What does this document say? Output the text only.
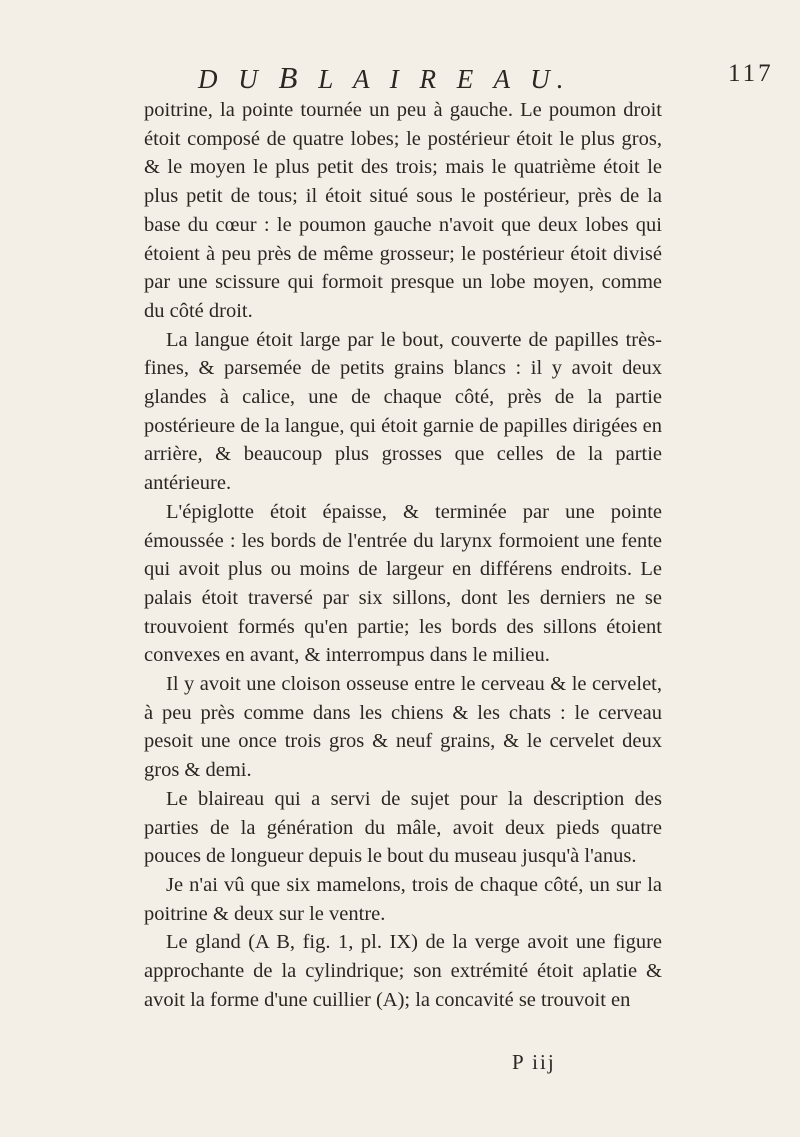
D U B L A I R E A U.	117

poitrine, la pointe tournée un peu à gauche. Le poumon droit étoit composé de quatre lobes; le postérieur étoit le plus gros, & le moyen le plus petit des trois; mais le quatrième étoit le plus petit de tous; il étoit situé sous le postérieur, près de la base du cœur : le poumon gauche n'avoit que deux lobes qui étoient à peu près de même grosseur; le postérieur étoit divisé par une scissure qui formoit presque un lobe moyen, comme du côté droit.

La langue étoit large par le bout, couverte de papilles très-fines, & parsemée de petits grains blancs : il y avoit deux glandes à calice, une de chaque côté, près de la partie postérieure de la langue, qui étoit garnie de papilles dirigées en arrière, & beaucoup plus grosses que celles de la partie antérieure.

L'épiglotte étoit épaisse, & terminée par une pointe émoussée : les bords de l'entrée du larynx formoient une fente qui avoit plus ou moins de largeur en différens endroits. Le palais étoit traversé par six sillons, dont les derniers ne se trouvoient formés qu'en partie; les bords des sillons étoient convexes en avant, & interrompus dans le milieu.

Il y avoit une cloison osseuse entre le cerveau & le cervelet, à peu près comme dans les chiens & les chats : le cerveau pesoit une once trois gros & neuf grains, & le cervelet deux gros & demi.

Le blaireau qui a servi de sujet pour la description des parties de la génération du mâle, avoit deux pieds quatre pouces de longueur depuis le bout du museau jusqu'à l'anus.

Je n'ai vû que six mamelons, trois de chaque côté, un sur la poitrine & deux sur le ventre.

Le gland (A B, fig. 1, pl. IX) de la verge avoit une figure approchante de la cylindrique; son extrémité étoit aplatie & avoit la forme d'une cuillier (A); la concavité se trouvoit en

P iij
